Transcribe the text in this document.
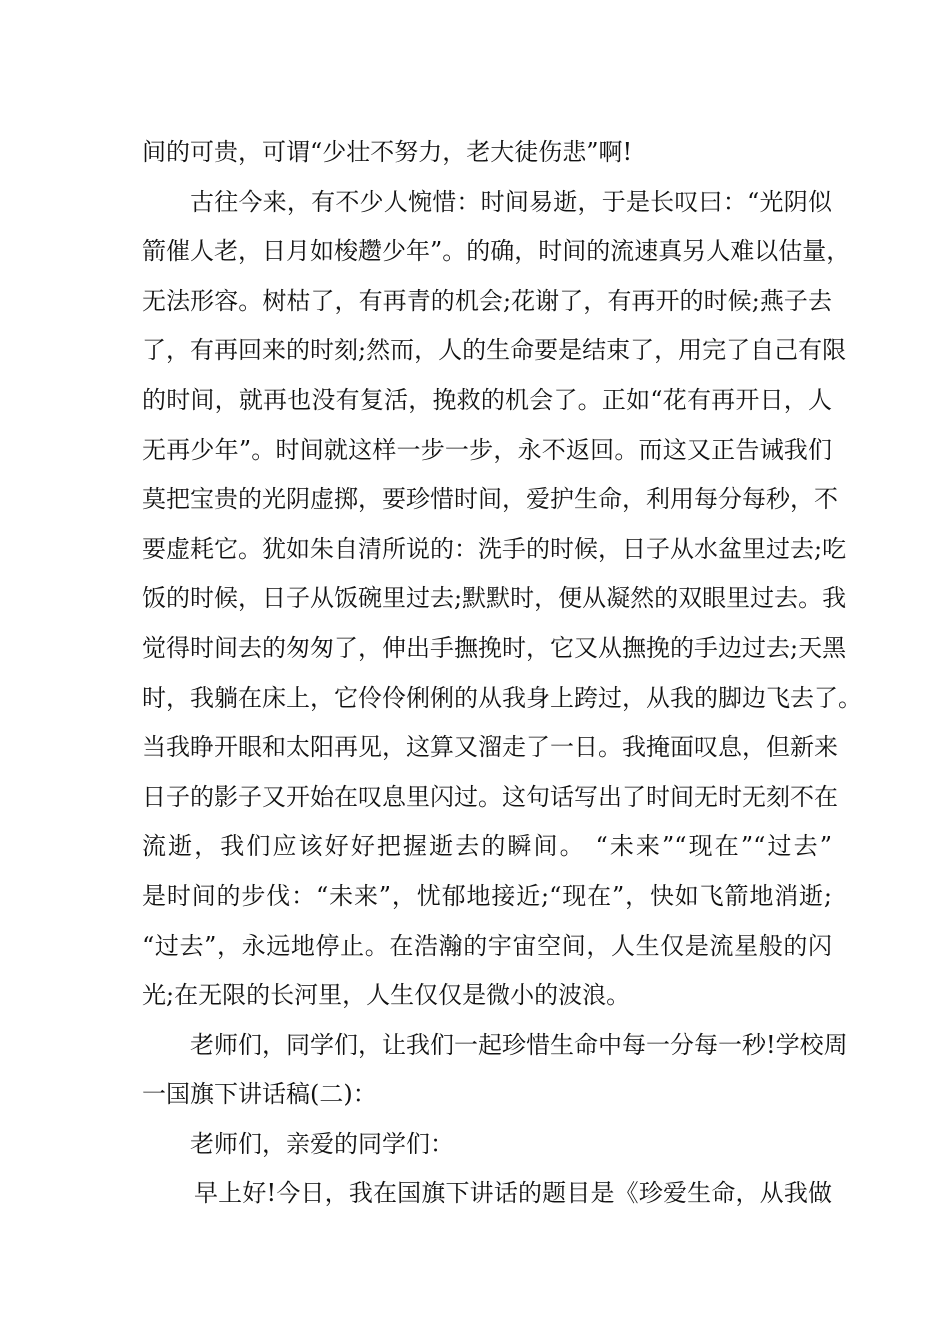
间的可贵，可谓“少壮不努力，老大徒伤悲”啊!
古往今来，有不少人惋惜：时间易逝，于是长叹曰：“光阴似
箭催人老，日月如梭趱少年”。的确，时间的流速真另人难以估量，
无法形容。树枯了，有再青的机会;花谢了，有再开的时候;燕子去
了，有再回来的时刻;然而，人的生命要是结束了，用完了自己有限
的时间，就再也没有复活，挽救的机会了。正如“花有再开日，人
无再少年”。时间就这样一步一步，永不返回。而这又正告诫我们
莫把宝贵的光阴虚掷，要珍惜时间，爱护生命，利用每分每秒，不
要虚耗它。犹如朱自清所说的：洗手的时候，日子从水盆里过去;吃
饭的时候，日子从饭碗里过去;默默时，便从凝然的双眼里过去。我
觉得时间去的匆匆了，伸出手撫挽时，它又从撫挽的手边过去;天黑
时，我躺在床上，它伶伶俐俐的从我身上跨过，从我的脚边飞去了。
当我睁开眼和太阳再见，这算又溜走了一日。我掩面叹息，但新来
日子的影子又开始在叹息里闪过。这句话写出了时间无时无刻不在
流逝，我们应该好好把握逝去的瞬间。 “未来”“现在”“过去”
是时间的步伐：“未来”，忧郁地接近;“现在”，快如飞箭地消逝;
“过去”，永远地停止。在浩瀚的宇宙空间，人生仅是流星般的闪
光;在无限的长河里，人生仅仅是微小的波浪。
老师们，同学们，让我们一起珍惜生命中每一分每一秒!学校周
一国旗下讲话稿(二)：
老师们，亲爱的同学们：
早上好!今日，我在国旗下讲话的题目是《珍爱生命，从我做
